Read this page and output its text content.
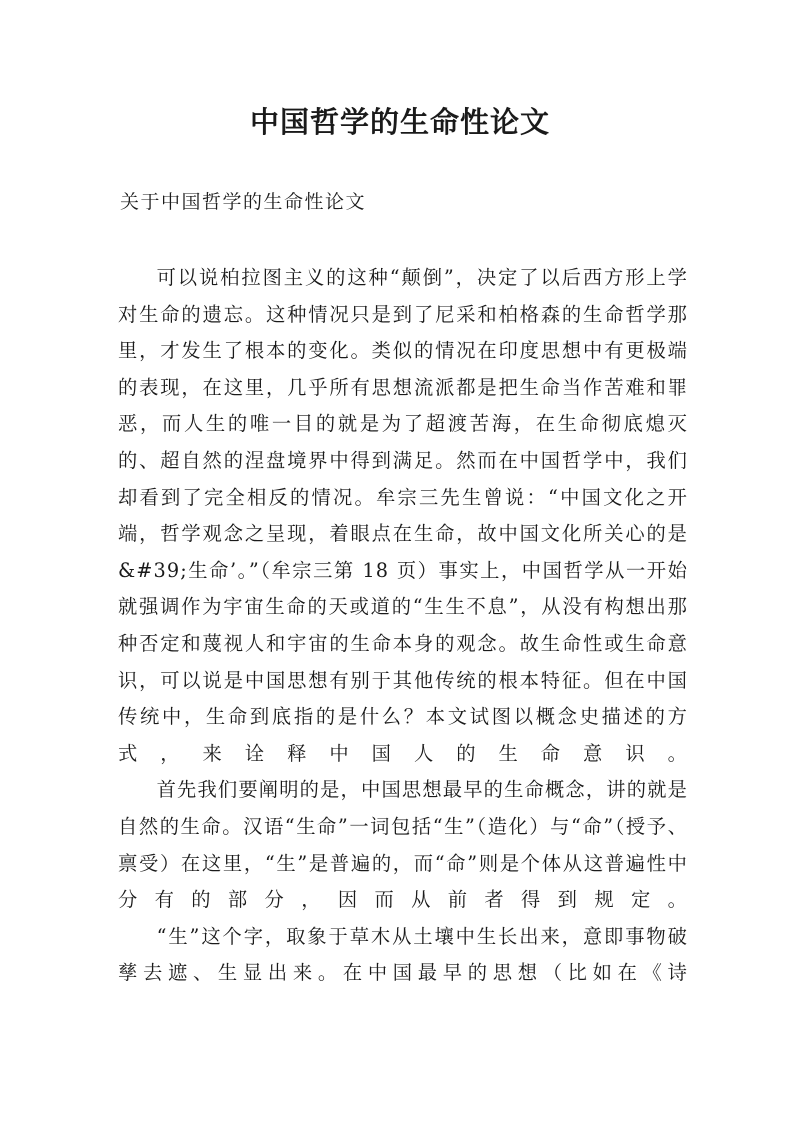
中国哲学的生命性论文
关于中国哲学的生命性论文

可以说柏拉图主义的这种“颠倒”，决定了以后西方形上学对生命的遗忘。这种情况只是到了尼采和柏格森的生命哲学那里，才发生了根本的变化。类似的情况在印度思想中有更极端的表现，在这里，几乎所有思想流派都是把生命当作苦难和罪恶，而人生的唯一目的就是为了超渡苦海，在生命彻底熄灭的、超自然的涅盘境界中得到满足。然而在中国哲学中，我们却看到了完全相反的情况。牟宗三先生曾说：“中国文化之开端，哲学观念之呈现，着眼点在生命，故中国文化所关心的是&#39;生命’。”（牟宗三第 18 页）事实上，中国哲学从一开始就强调作为宇宙生命的天或道的“生生不息”，从没有构想出那种否定和蔑视人和宇宙的生命本身的观念。故生命性或生命意识，可以说是中国思想有别于其他传统的根本特征。但在中国传统中，生命到底指的是什么？本文试图以概念史描述的方式，来诠释中国人的生命意识。

首先我们要阐明的是，中国思想最早的生命概念，讲的就是自然的生命。汉语“生命”一词包括“生”（造化）与“命”（授予、禀受）在这里，“生”是普遍的，而“命”则是个体从这普遍性中分有的部分，因而从前者得到规定。

“生”这个字，取象于草木从土壤中生长出来，意即事物破孳去遮、生显出来。在中国最早的思想（比如在《诗
